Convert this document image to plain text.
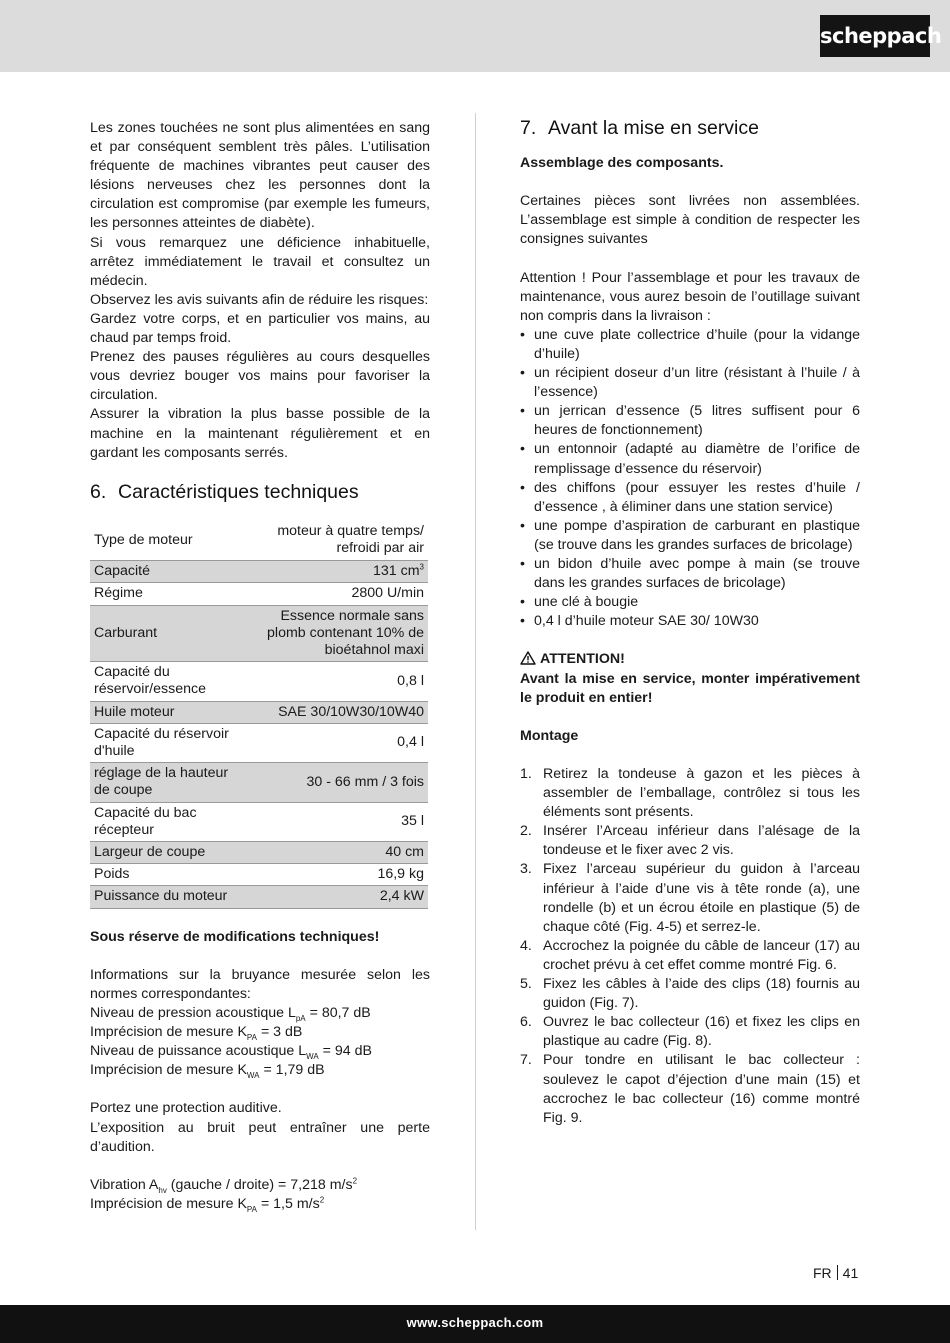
scheppach

Les zones touchées ne sont plus alimentées en sang et par conséquent semblent très pâles. L’utilisation fréquente de machines vibrantes peut causer des lésions nerveuses chez les personnes dont la circulation est compromise (par exemple les fumeurs, les personnes atteintes de diabète).

Si vous remarquez une déficience inhabituelle, arrêtez immédiatement le travail et consultez un médecin.

Observez les avis suivants afin de réduire les risques:

Gardez votre corps, et en particulier vos mains, au chaud par temps froid.

Prenez des pauses régulières au cours desquelles vous devriez bouger vos mains pour favoriser la circulation.

Assurer la vibration la plus basse possible de la machine en la maintenant régulièrement et en gardant les composants serrés.

6. Caractéristiques techniques
Type de moteur	moteur à quatre temps/ refroidi par air
Capacité	131 $cm^3$
Régime	2800 U/min
Carburant	Essence normale sans plomb contenant 10% de bioétahnol maxi
Capacité du réservoir/essence	0,8 l
Huile moteur	SAE 30/10W30/10W40
Capacité du réservoir d'huile	0,4 l
réglage de la hauteur de coupe	30 - 66 mm / 3 fois
Capacité du bac récepteur	35 l
Largeur de coupe	40 cm
Poids	16,9 kg
Puissance du moteur	2,4 kW

Sous réserve de modifications techniques!

Informations sur la bruyance mesurée selon les normes correspondantes:

Niveau de pression acoustique $L_{pA} = 80,7$ dB

Imprécision de mesure $K_{PA} = 3$ dB

Niveau de puissance acoustique $L_{WA} = 94$ dB

Imprécision de mesure $K_{WA} = 1,79$ dB

Portez une protection auditive.

L’exposition au bruit peut entraîner une perte d’audition.

Vibration $A_{hv}$ (gauche / droite) = 7,218 $m/s^2$

Imprécision de mesure $K_{PA} = 1,5$ $m/s^2$

7. Avant la mise en service

Assemblage des composants.

Certaines pièces sont livrées non assemblées. L’assemblage est simple à condition de respecter les consignes suivantes

Attention ! Pour l’assemblage et pour les travaux de maintenance, vous aurez besoin de l’outillage suivant non compris dans la livraison :

• une cuve plate collectrice d’huile (pour la vidange d’huile)
• un récipient doseur d’un litre (résistant à l’huile / à l’essence)
• un jerrican d’essence (5 litres suffisent pour 6 heures de fonctionnement)
• un entonnoir (adapté au diamètre de l’orifice de remplissage d’essence du réservoir)
• des chiffons (pour essuyer les restes d’huile / d’essence , à éliminer dans une station service)
• une pompe d’aspiration de carburant en plastique (se trouve dans les grandes surfaces de bricolage)
• un bidon d’huile avec pompe à main (se trouve dans les grandes surfaces de bricolage)
• une clé à bougie
• 0,4 l d’huile moteur SAE 30/ 10W30

ATTENTION!

Avant la mise en service, monter impérativement le produit en entier!

Montage

1. Retirez la tondeuse à gazon et les pièces à assembler de l’emballage, contrôlez si tous les éléments sont présents.
2. Insérer l’Arceau inférieur dans l’alésage de la tondeuse et le fixer avec 2 vis.
3. Fixez l’arceau supérieur du guidon à l’arceau inférieur à l’aide d’une vis à tête ronde (a), une rondelle (b) et un écrou étoile en plastique (5) de chaque côté (Fig. 4-5) et serrez-le.
4. Accrochez la poignée du câble de lanceur (17) au crochet prévu à cet effet comme montré Fig. 6.
5. Fixez les câbles à l’aide des clips (18) fournis au guidon (Fig. 7).
6. Ouvrez le bac collecteur (16) et fixez les clips en plastique au cadre (Fig. 8).
7. Pour tondre en utilisant le bac collecteur : soulevez le capot d’éjection d’une main (15) et accrochez le bac collecteur (16) comme montré Fig. 9.
FR 41
www.scheppach.com
